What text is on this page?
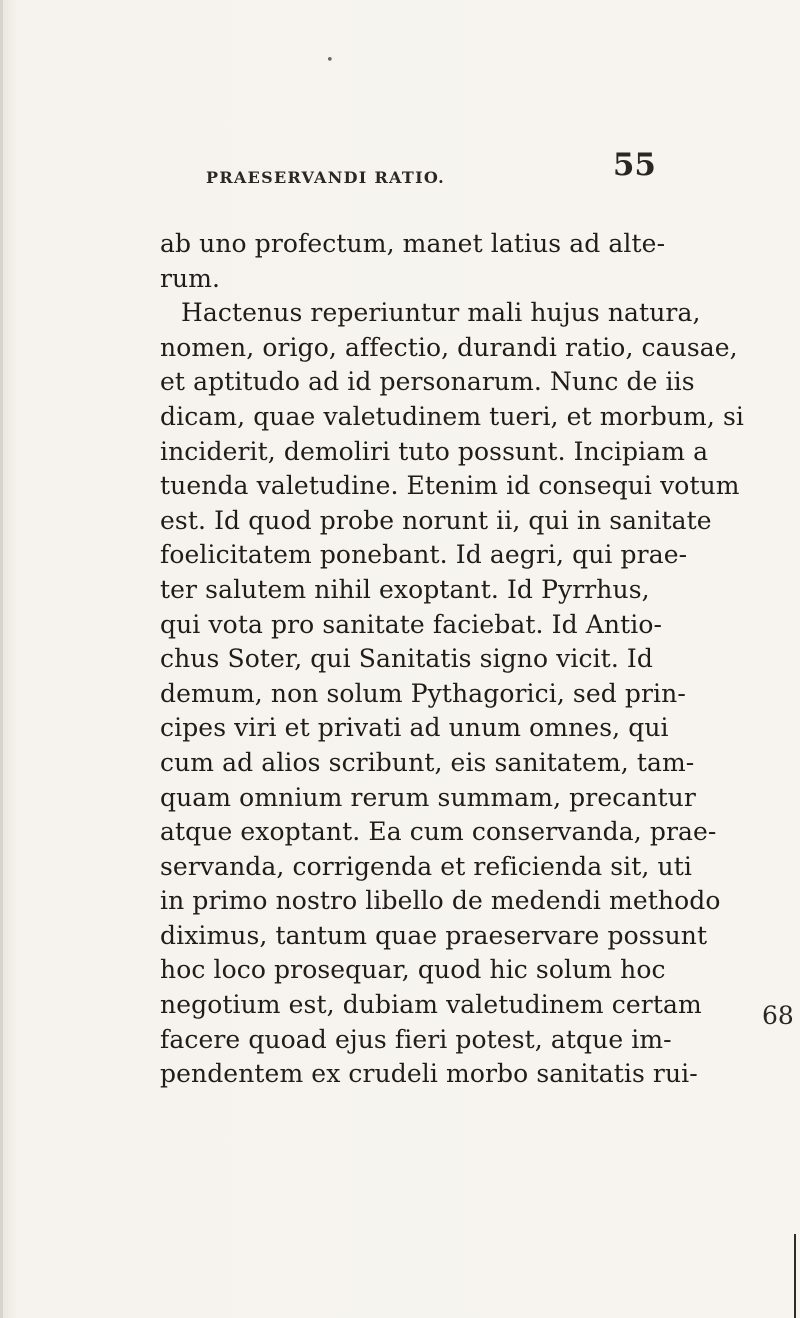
•
PRAESERVANDI RATIO.	55
ab uno profectum, manet latius ad alte-
rum.
Hactenus reperiuntur mali hujus natura,
nomen, origo, affectio, durandi ratio, causae,
et aptitudo ad id personarum. Nunc de iis
dicam, quae valetudinem tueri, et morbum, si
inciderit, demoliri tuto possunt. Incipiam a
tuenda valetudine. Etenim id consequi votum
est. Id quod probe norunt ii, qui in sanitate
foelicitatem ponebant. Id aegri, qui prae-
ter salutem nihil exoptant. Id Pyrrhus,
qui vota pro sanitate faciebat. Id Antio-
chus Soter, qui Sanitatis signo vicit. Id
demum, non solum Pythagorici, sed prin-
cipes viri et privati ad unum omnes, qui
cum ad alios scribunt, eis sanitatem, tam-
quam omnium rerum summam, precantur
atque exoptant. Ea cum conservanda, prae-
servanda, corrigenda et reficienda sit, uti
in primo nostro libello de medendi methodo
diximus, tantum quae praeservare possunt
hoc loco prosequar, quod hic solum hoc
negotium est, dubiam valetudinem certam
facere quoad ejus fieri potest, atque im-
pendentem ex crudeli morbo sanitatis rui-
68
